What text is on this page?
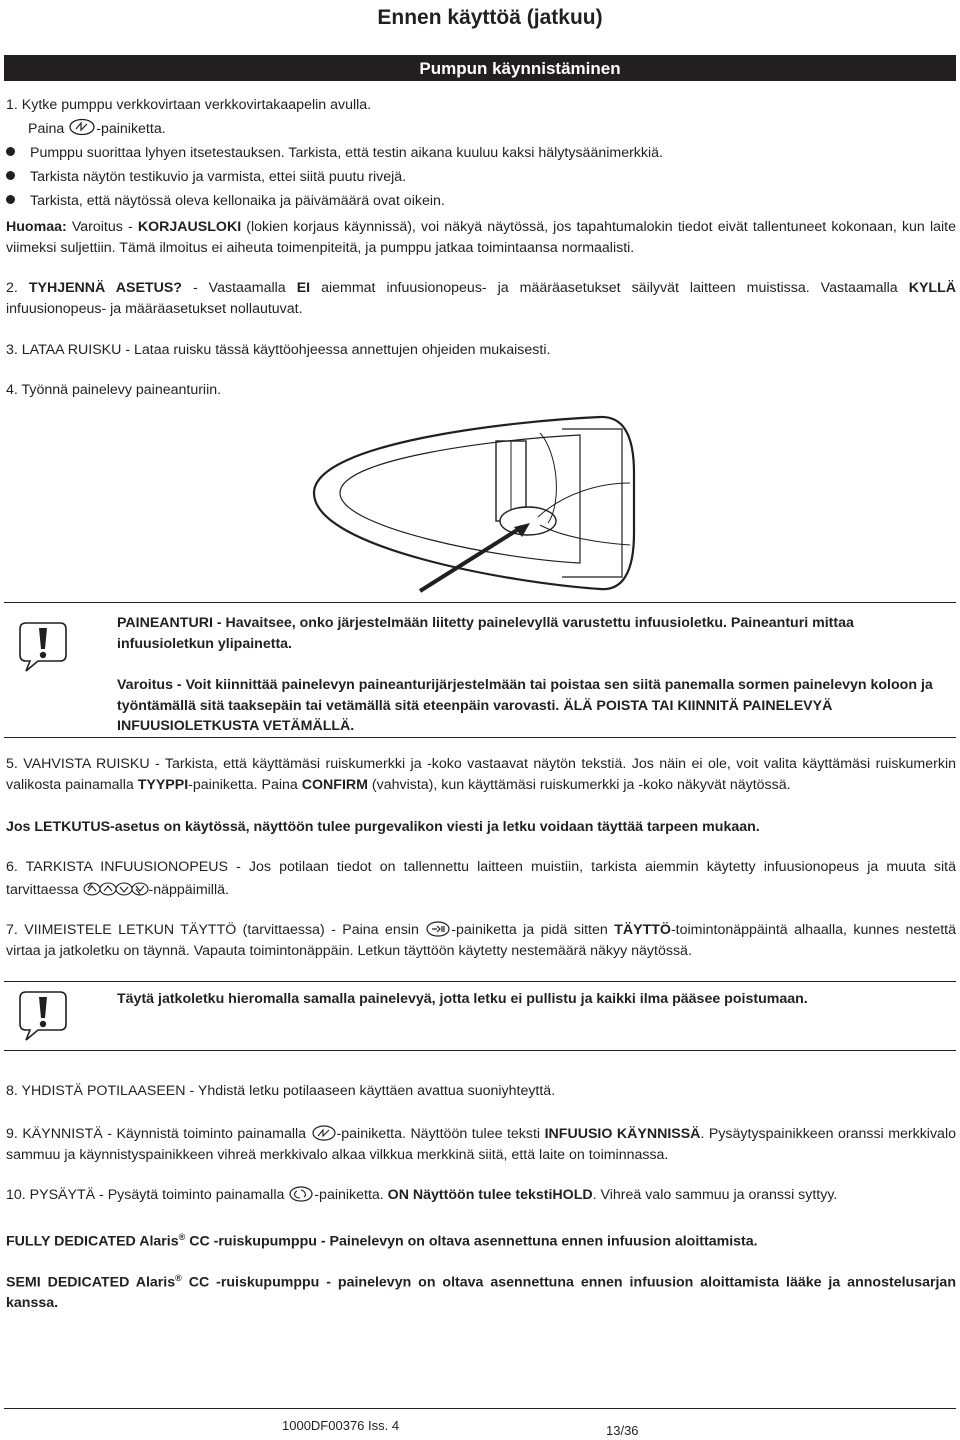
Ennen käyttöä (jatkuu)
Pumpun käynnistäminen

1. Kytke pumppu verkkovirtaan verkkovirtakaapelin avulla.

Paina -painiketta.

Pumppu suorittaa lyhyen itsetestauksen. Tarkista, että testin aikana kuuluu kaksi hälytysäänimerkkiä.
Tarkista näytön testikuvio ja varmista, ettei siitä puutu rivejä.
Tarkista, että näytössä oleva kellonaika ja päivämäärä ovat oikein.

Huomaa: Varoitus - KORJAUSLOKI (lokien korjaus käynnissä), voi näkyä näytössä, jos tapahtumalokin tiedot eivät tallentuneet kokonaan, kun laite viimeksi suljettiin. Tämä ilmoitus ei aiheuta toimenpiteitä, ja pumppu jatkaa toimintaansa normaalisti.

2. TYHJENNÄ ASETUS? - Vastaamalla EI aiemmat infuusionopeus- ja määräasetukset säilyvät laitteen muistissa. Vastaamalla KYLLÄ infuusionopeus- ja määräasetukset nollautuvat.

3. LATAA RUISKU - Lataa ruisku tässä käyttöohjeessa annettujen ohjeiden mukaisesti.

4. Työnnä painelevy paineanturiin.

PAINEANTURI - Havaitsee, onko järjestelmään liitetty painelevyllä varustettu infuusioletku. Paineanturi mittaa infuusioletkun ylipainetta.
Varoitus - Voit kiinnittää painelevyn paineanturijärjestelmään tai poistaa sen siitä panemalla sormen painelevyn koloon ja työntämällä sitä taaksepäin tai vetämällä sitä eteenpäin varovasti. ÄLÄ POISTA TAI KIINNITÄ PAINELEVYÄ INFUUSIOLETKUSTA VETÄMÄLLÄ.

5. VAHVISTA RUISKU - Tarkista, että käyttämäsi ruiskumerkki ja -koko vastaavat näytön tekstiä. Jos näin ei ole, voit valita käyttämäsi ruiskumerkin valikosta painamalla TYYPPI-painiketta. Paina CONFIRM (vahvista), kun käyttämäsi ruiskumerkki ja -koko näkyvät näytössä.

Jos LETKUTUS-asetus on käytössä, näyttöön tulee purgevalikon viesti ja letku voidaan täyttää tarpeen mukaan.

6. TARKISTA INFUUSIONOPEUS - Jos potilaan tiedot on tallennettu laitteen muistiin, tarkista aiemmin käytetty infuusionopeus ja muuta sitä tarvittaessa	-näppäimillä.

7. VIIMEISTELE LETKUN TÄYTTÖ (tarvittaessa) - Paina ensin -painiketta ja pidä sitten TÄYTTÖ-toimintonäppäintä alhaalla, kunnes nestettä virtaa ja jatkoletku on täynnä. Vapauta toimintonäppäin. Letkun täyttöön käytetty nestemäärä näkyy näytössä.

Täytä jatkoletku hieromalla samalla painelevyä, jotta letku ei pullistu ja kaikki ilma pääsee poistumaan.

8. YHDISTÄ POTILAASEEN - Yhdistä letku potilaaseen käyttäen avattua suoniyhteyttä.

9. KÄYNNISTÄ - Käynnistä toiminto painamalla -painiketta. Näyttöön tulee teksti INFUUSIO KÄYNNISSÄ. Pysäytyspainikkeen oranssi merkkivalo sammuu ja käynnistyspainikkeen vihreä merkkivalo alkaa vilkkua merkkinä siitä, että laite on toiminnassa.

10. PYSÄYTÄ - Pysäytä toiminto painamalla -painiketta. ON Näyttöön tulee tekstiHOLD. Vihreä valo sammuu ja oranssi syttyy.

FULLY DEDICATED Alaris® CC -ruiskupumppu - Painelevyn on oltava asennettuna ennen infuusion aloittamista.

SEMI DEDICATED Alaris® CC -ruiskupumppu - painelevyn on oltava asennettuna ennen infuusion aloittamista lääke ja annostelusarjan kanssa.

1000DF00376 Iss. 4	13/36
